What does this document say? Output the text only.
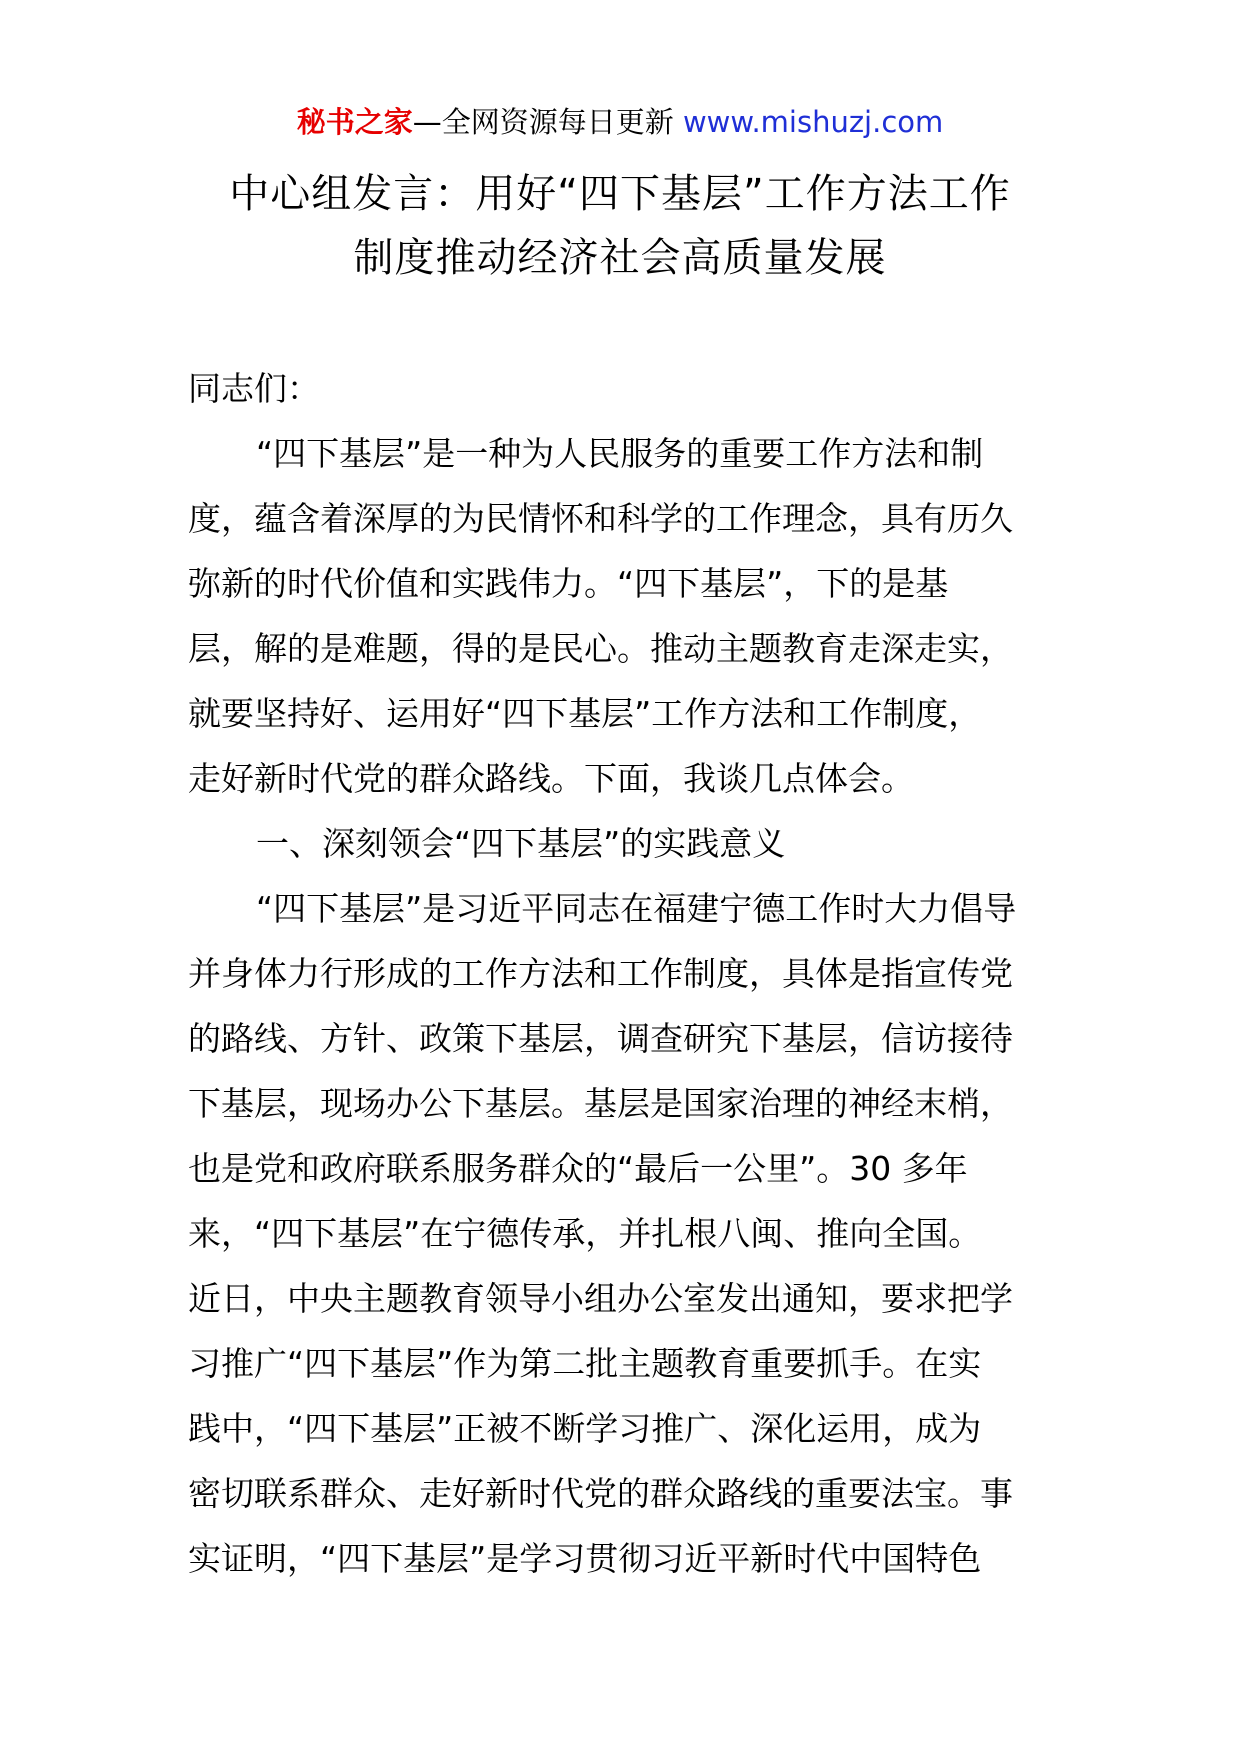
秘书之家—全网资源每日更新 www.mishuzj.com
中心组发言：用好“四下基层”工作方法工作
制度推动经济社会高质量发展
同志们：
“四下基层”是一种为人民服务的重要工作方法和制
度，蕴含着深厚的为民情怀和科学的工作理念，具有历久
弥新的时代价值和实践伟力。“四下基层”，下的是基
层，解的是难题，得的是民心。推动主题教育走深走实，
就要坚持好、运用好“四下基层”工作方法和工作制度，
走好新时代党的群众路线。下面，我谈几点体会。
一、深刻领会“四下基层”的实践意义
“四下基层”是习近平同志在福建宁德工作时大力倡导
并身体力行形成的工作方法和工作制度，具体是指宣传党
的路线、方针、政策下基层，调查研究下基层，信访接待
下基层，现场办公下基层。基层是国家治理的神经末梢，
也是党和政府联系服务群众的“最后一公里”。30 多年
来，“四下基层”在宁德传承，并扎根八闽、推向全国。
近日，中央主题教育领导小组办公室发出通知，要求把学
习推广“四下基层”作为第二批主题教育重要抓手。在实
践中，“四下基层”正被不断学习推广、深化运用，成为
密切联系群众、走好新时代党的群众路线的重要法宝。事
实证明，“四下基层”是学习贯彻习近平新时代中国特色
